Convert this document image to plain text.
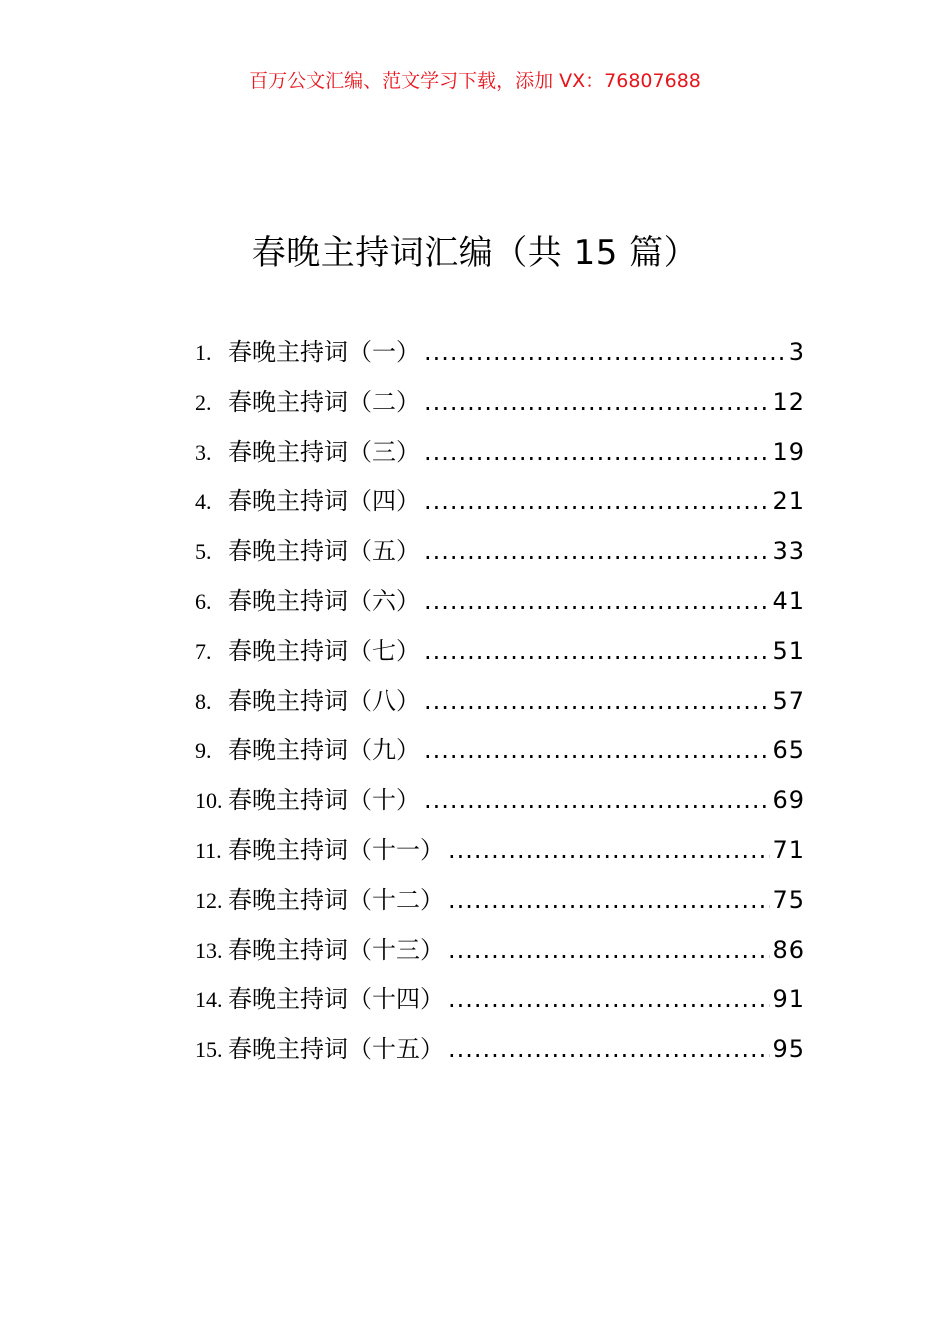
百万公文汇编、范文学习下载，添加 VX：76807688
春晚主持词汇编（共 15 篇）
1. 春晚主持词（一） .....	3
2. 春晚主持词（二） .....	12
3. 春晚主持词（三） .....	19
4. 春晚主持词（四） .....	21
5. 春晚主持词（五） .....	33
6. 春晚主持词（六） .....	41
7. 春晚主持词（七） .....	51
8. 春晚主持词（八） .....	57
9. 春晚主持词（九） .....	65
10. 春晚主持词（十） .....	69
11. 春晚主持词（十一） .....	71
12. 春晚主持词（十二） .....	75
13. 春晚主持词（十三） .....	86
14. 春晚主持词（十四） .....	91
15. 春晚主持词（十五） .....	95
